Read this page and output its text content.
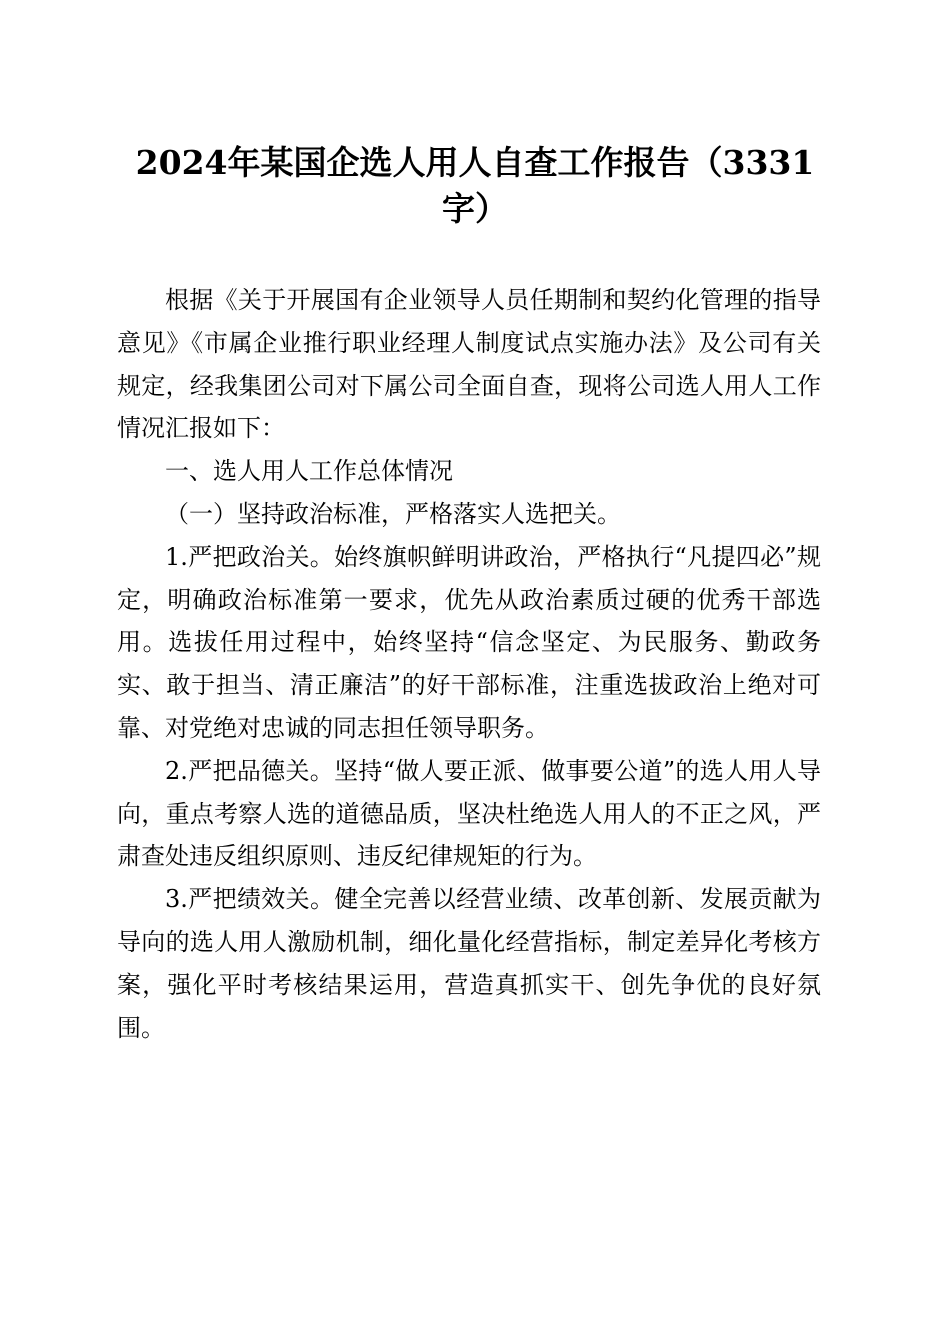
2024年某国企选人用人自查工作报告（3331字）

根据《关于开展国有企业领导人员任期制和契约化管理的指导意见》《市属企业推行职业经理人制度试点实施办法》及公司有关规定，经我集团公司对下属公司全面自查，现将公司选人用人工作情况汇报如下：

一、选人用人工作总体情况

（一）坚持政治标准，严格落实人选把关。

1.严把政治关。始终旗帜鲜明讲政治，严格执行“凡提四必”规定，明确政治标准第一要求，优先从政治素质过硬的优秀干部选用。选拔任用过程中，始终坚持“信念坚定、为民服务、勤政务实、敢于担当、清正廉洁”的好干部标准，注重选拔政治上绝对可靠、对党绝对忠诚的同志担任领导职务。

2.严把品德关。坚持“做人要正派、做事要公道”的选人用人导向，重点考察人选的道德品质，坚决杜绝选人用人的不正之风，严肃查处违反组织原则、违反纪律规矩的行为。

3.严把绩效关。健全完善以经营业绩、改革创新、发展贡献为导向的选人用人激励机制，细化量化经营指标，制定差异化考核方案，强化平时考核结果运用，营造真抓实干、创先争优的良好氛围。
